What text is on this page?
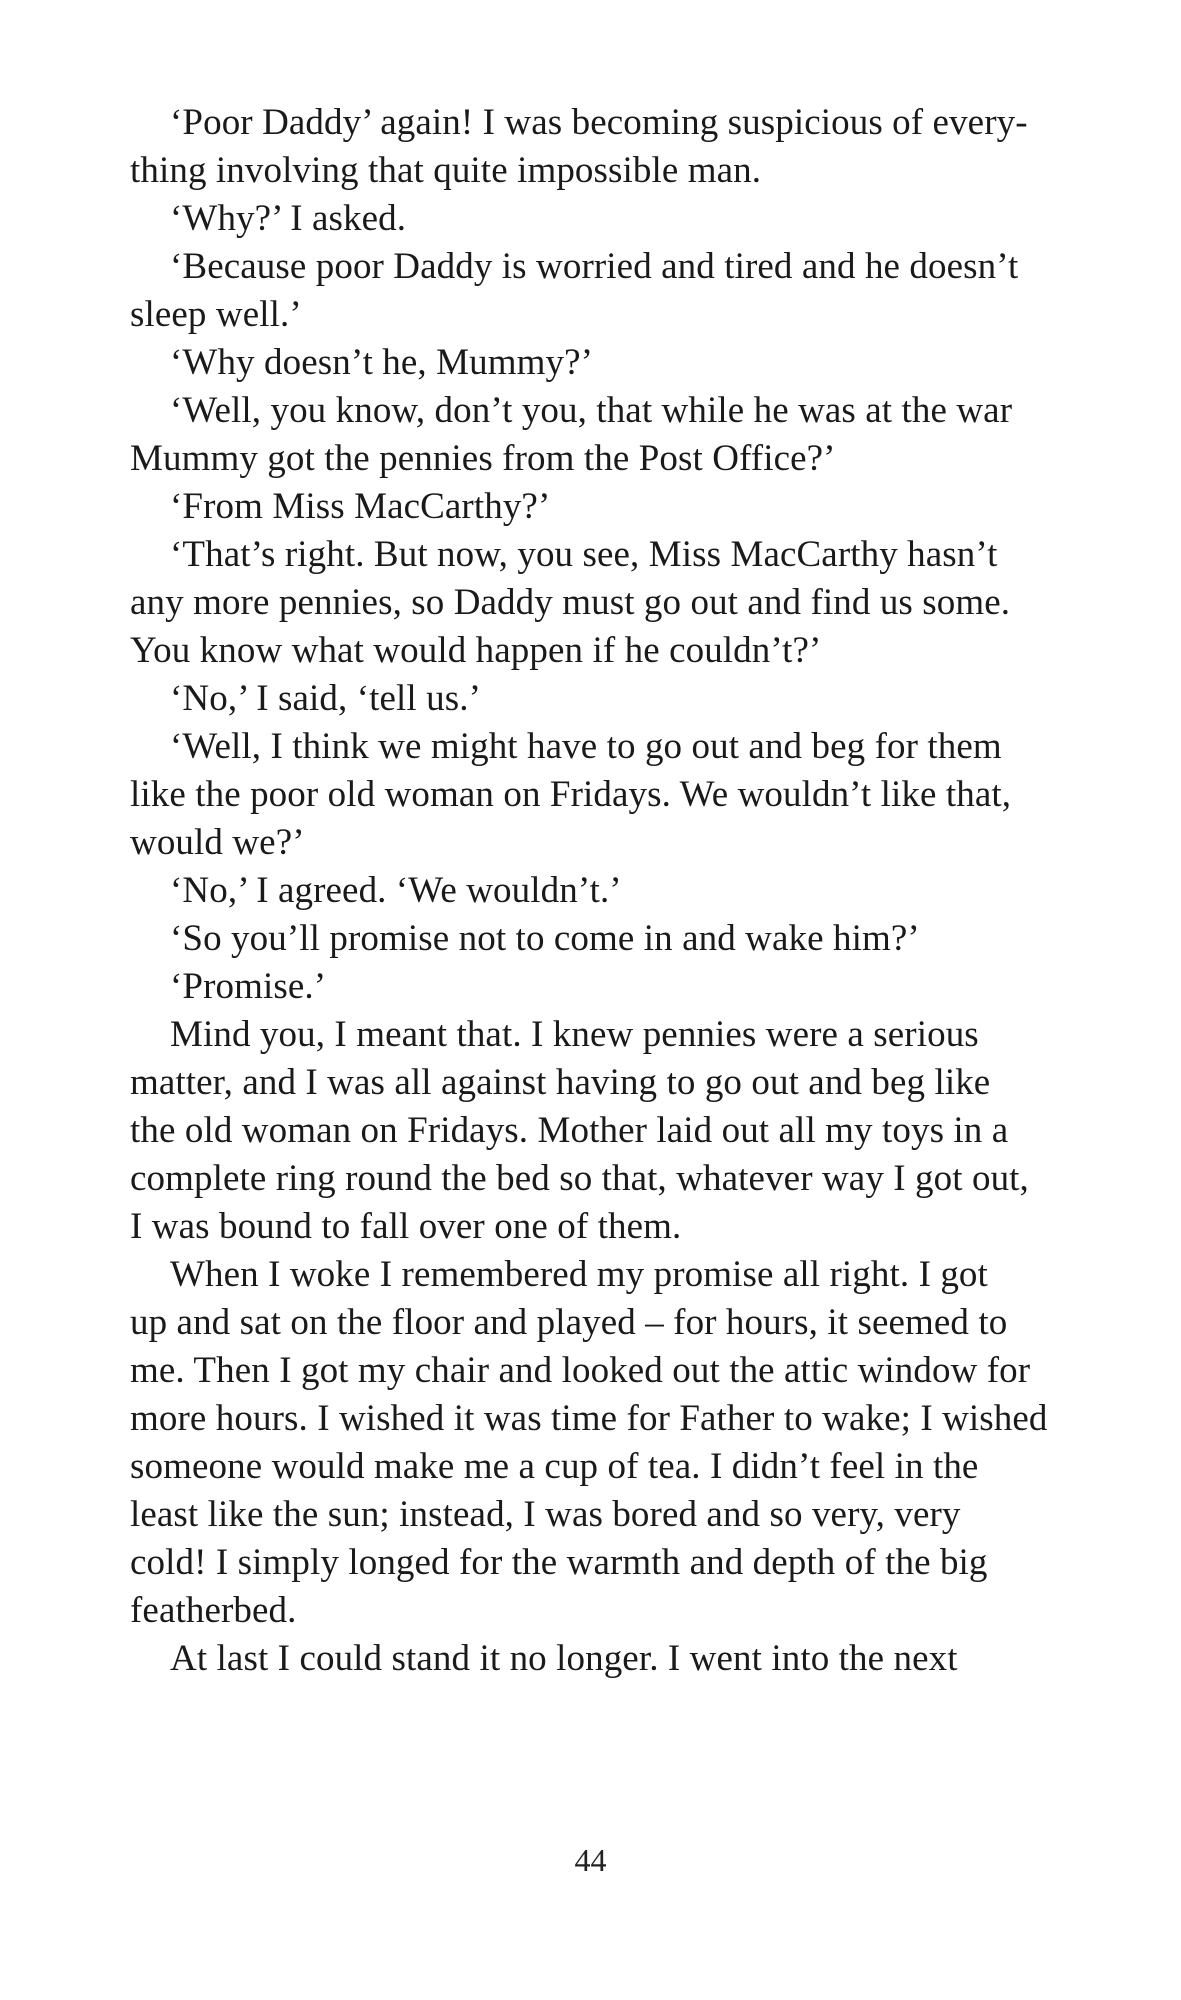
‘Poor Daddy’ again! I was becoming suspicious of every-
thing involving that quite impossible man.
‘Why?’ I asked.
‘Because poor Daddy is worried and tired and he doesn’t
sleep well.’
‘Why doesn’t he, Mummy?’
‘Well, you know, don’t you, that while he was at the war
Mummy got the pennies from the Post Office?’
‘From Miss MacCarthy?’
‘That’s right. But now, you see, Miss MacCarthy hasn’t
any more pennies, so Daddy must go out and find us some.
You know what would happen if he couldn’t?’
‘No,’ I said, ‘tell us.’
‘Well, I think we might have to go out and beg for them
like the poor old woman on Fridays. We wouldn’t like that,
would we?’
‘No,’ I agreed. ‘We wouldn’t.’
‘So you’ll promise not to come in and wake him?’
‘Promise.’
Mind you, I meant that. I knew pennies were a serious
matter, and I was all against having to go out and beg like
the old woman on Fridays. Mother laid out all my toys in a
complete ring round the bed so that, whatever way I got out,
I was bound to fall over one of them.
When I woke I remembered my promise all right. I got
up and sat on the floor and played – for hours, it seemed to
me. Then I got my chair and looked out the attic window for
more hours. I wished it was time for Father to wake; I wished
someone would make me a cup of tea. I didn’t feel in the
least like the sun; instead, I was bored and so very, very
cold! I simply longed for the warmth and depth of the big
featherbed.
At last I could stand it no longer. I went into the next
44
